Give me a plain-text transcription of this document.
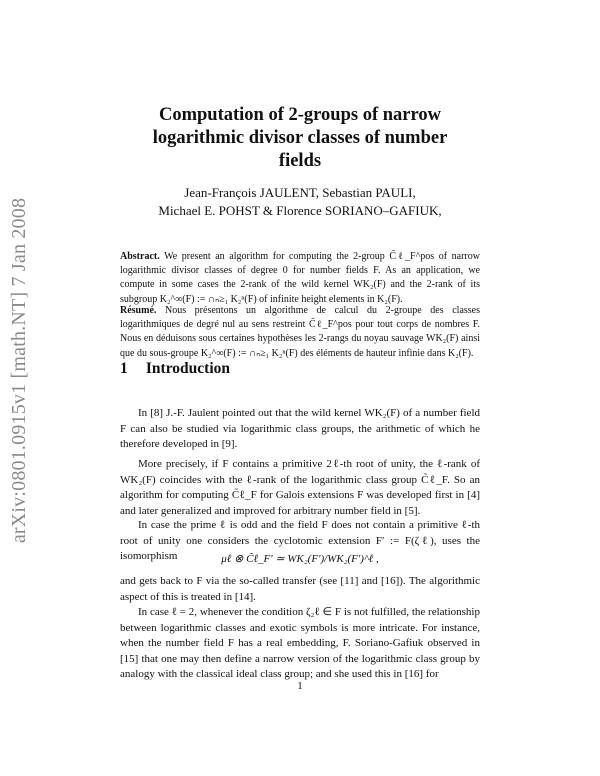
arXiv:0801.0915v1 [math.NT] 7 Jan 2008
Computation of 2-groups of narrow
logarithmic divisor classes of number
fields
Jean-François JAULENT, Sebastian PAULI,
Michael E. POHST & Florence SORIANO–GAFIUK,
Abstract. We present an algorithm for computing the 2-group C̃ℓ_F^pos of narrow logarithmic divisor classes of degree 0 for number fields F. As an application, we compute in some cases the 2-rank of the wild kernel WK₂(F) and the 2-rank of its subgroup K₂^∞(F) := ∩ₙ≥₁ K₂ⁿ(F) of infinite height elements in K₂(F).
Résumé. Nous présentons un algorithme de calcul du 2-groupe des classes logarithmiques de degré nul au sens restreint C̃ℓ_F^pos pour tout corps de nombres F. Nous en déduisons sous certaines hypothèses les 2-rangs du noyau sauvage WK₂(F) ainsi que du sous-groupe K₂^∞(F) := ∩ₙ≥₁ K₂ⁿ(F) des éléments de hauteur infinie dans K₂(F).
1 Introduction
In [8] J.-F. Jaulent pointed out that the wild kernel WK₂(F) of a number field F can also be studied via logarithmic class groups, the arithmetic of which he therefore developed in [9].
More precisely, if F contains a primitive 2ℓ-th root of unity, the ℓ-rank of WK₂(F) coincides with the ℓ-rank of the logarithmic class group C̃ℓ_F. So an algorithm for computing C̃ℓ_F for Galois extensions F was developed first in [4] and later generalized and improved for arbitrary number field in [5].
In case the prime ℓ is odd and the field F does not contain a primitive ℓ-th root of unity one considers the cyclotomic extension F′ := F(ζℓ), uses the isomorphism	μℓ ⊗ C̃ℓ_F′ ≃ WK₂(F′)/WK₂(F′)^ℓ ,
and gets back to F via the so-called transfer (see [11] and [16]). The algorithmic aspect of this is treated in [14].
In case ℓ = 2, whenever the condition ζ₂ℓ ∈ F is not fulfilled, the relationship between logarithmic classes and exotic symbols is more intricate. For instance, when the number field F has a real embedding, F. Soriano-Gafiuk observed in [15] that one may then define a narrow version of the logarithmic class group by analogy with the classical ideal class group; and she used this in [16] for
1
